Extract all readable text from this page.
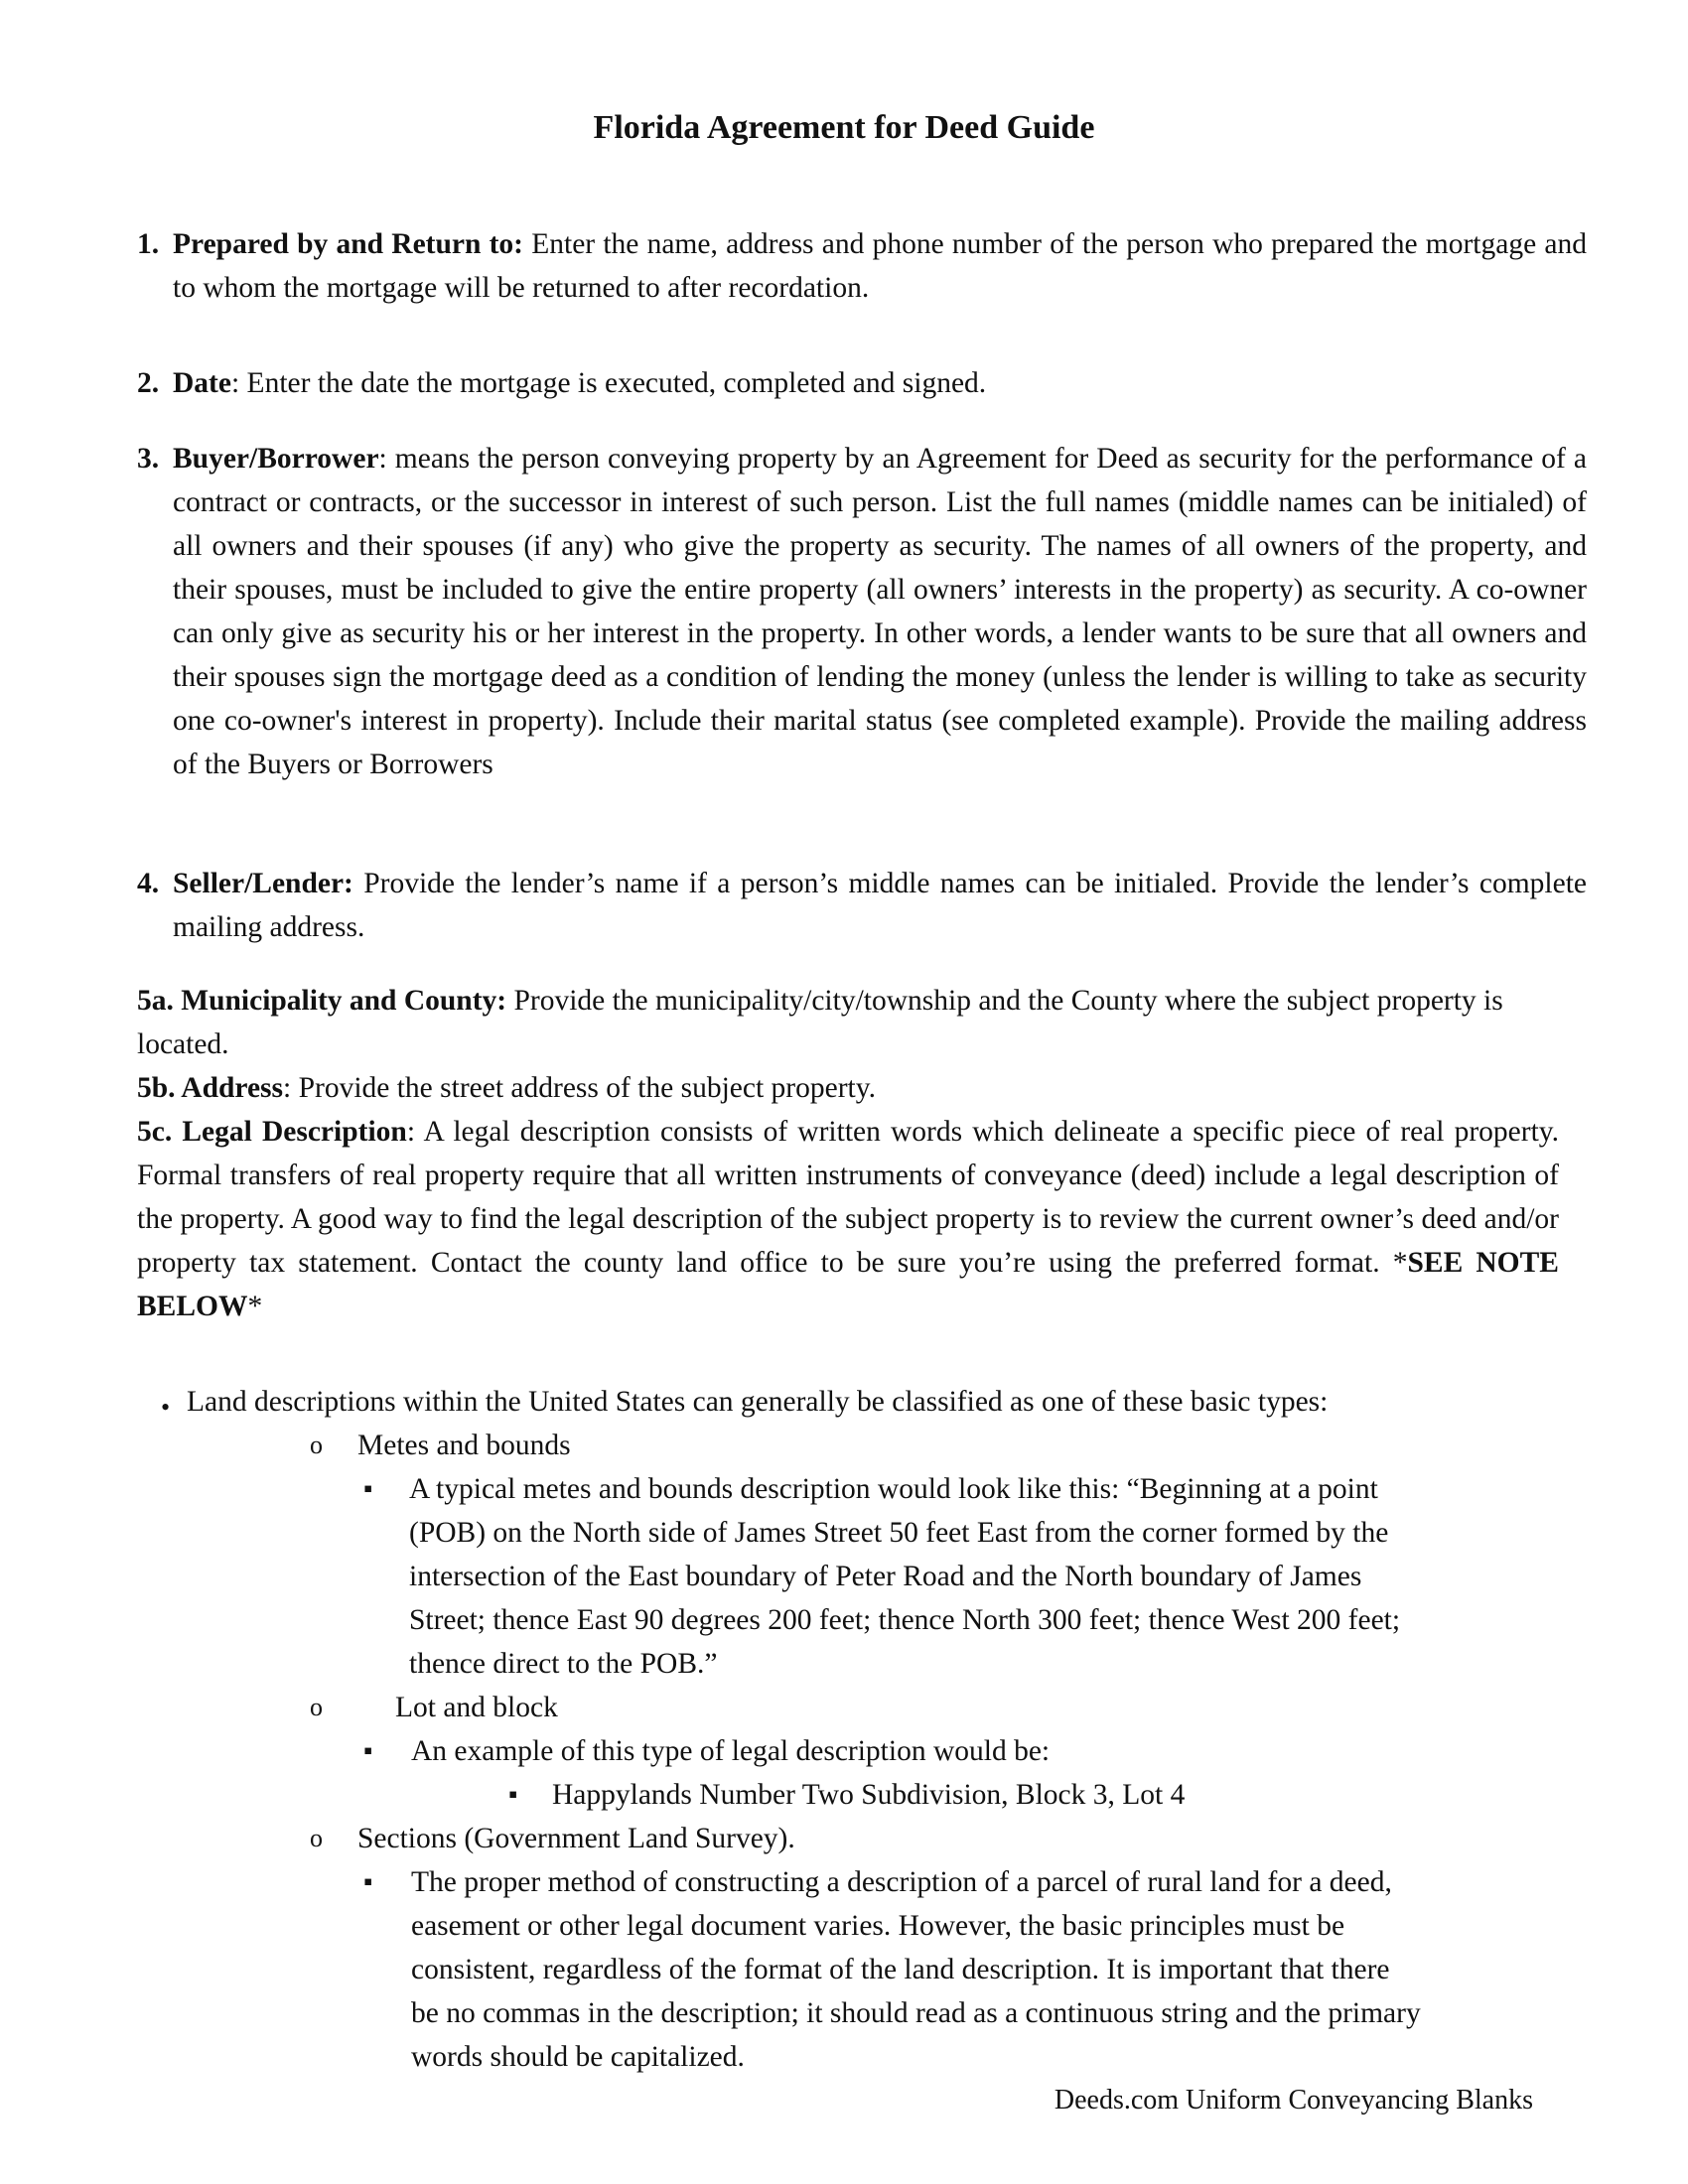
Florida Agreement for Deed Guide
1. Prepared by and Return to: Enter the name, address and phone number of the person who prepared the mortgage and to whom the mortgage will be returned to after recordation.
2. Date: Enter the date the mortgage is executed, completed and signed.
3. Buyer/Borrower: means the person conveying property by an Agreement for Deed as security for the performance of a contract or contracts, or the successor in interest of such person. List the full names (middle names can be initialed) of all owners and their spouses (if any) who give the property as security. The names of all owners of the property, and their spouses, must be included to give the entire property (all owners’ interests in the property) as security. A co-owner can only give as security his or her interest in the property. In other words, a lender wants to be sure that all owners and their spouses sign the mortgage deed as a condition of lending the money (unless the lender is willing to take as security one co-owner's interest in property). Include their marital status (see completed example). Provide the mailing address of the Buyers or Borrowers
4. Seller/Lender: Provide the lender’s name if a person’s middle names can be initialed. Provide the lender’s complete mailing address.
5a. Municipality and County: Provide the municipality/city/township and the County where the subject property is located.
5b. Address: Provide the street address of the subject property.
5c. Legal Description: A legal description consists of written words which delineate a specific piece of real property. Formal transfers of real property require that all written instruments of conveyance (deed) include a legal description of the property. A good way to find the legal description of the subject property is to review the current owner’s deed and/or property tax statement. Contact the county land office to be sure you’re using the preferred format. *SEE NOTE BELOW*
• Land descriptions within the United States can generally be classified as one of these basic types:

o Metes and bounds

▪ A typical metes and bounds description would look like this: “Beginning at a point

(POB) on the North side of James Street 50 feet East from the corner formed by the

intersection of the East boundary of Peter Road and the North boundary of James

Street; thence East 90 degrees 200 feet; thence North 300 feet; thence West 200 feet;

thence direct to the POB.”

o Lot and block

▪ An example of this type of legal description would be:

▪ Happylands Number Two Subdivision, Block 3, Lot 4

o Sections (Government Land Survey).

▪ The proper method of constructing a description of a parcel of rural land for a deed,

easement or other legal document varies. However, the basic principles must be

consistent, regardless of the format of the land description. It is important that there

be no commas in the description; it should read as a continuous string and the primary

words should be capitalized.

Deeds.com Uniform Conveyancing Blanks
